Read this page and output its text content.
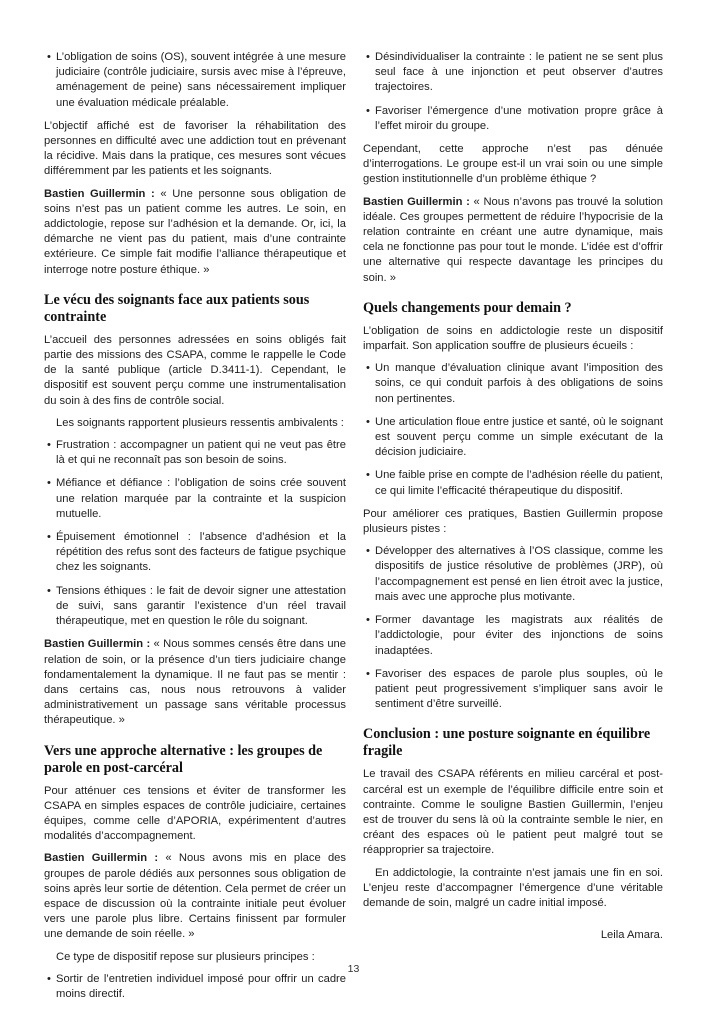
• L’obligation de soins (OS), souvent intégrée à une mesure judiciaire (contrôle judiciaire, sursis avec mise à l’épreuve, aménagement de peine) sans nécessairement impliquer une évaluation médicale préalable.

L’objectif affiché est de favoriser la réhabilitation des personnes en difficulté avec une addiction tout en prévenant la récidive. Mais dans la pratique, ces mesures sont vécues différemment par les patients et les soignants.

Bastien Guillermin : « Une personne sous obligation de soins n’est pas un patient comme les autres. Le soin, en addictologie, repose sur l’adhésion et la demande. Or, ici, la démarche ne vient pas du patient, mais d’une contrainte extérieure. Ce simple fait modifie l’alliance thérapeutique et interroge notre posture éthique. »

Le vécu des soignants face aux patients sous contrainte

L’accueil des personnes adressées en soins obligés fait partie des missions des CSAPA, comme le rappelle le Code de la santé publique (article D.3411-1). Cependant, le dispositif est souvent perçu comme une instrumentalisation du soin à des fins de contrôle social.

Les soignants rapportent plusieurs ressentis ambivalents :

• Frustration : accompagner un patient qui ne veut pas être là et qui ne reconnaît pas son besoin de soins.
• Méfiance et défiance : l’obligation de soins crée souvent une relation marquée par la contrainte et la suspicion mutuelle.
• Épuisement émotionnel : l’absence d’adhésion et la répétition des refus sont des facteurs de fatigue psychique chez les soignants.
• Tensions éthiques : le fait de devoir signer une attestation de suivi, sans garantir l’existence d’un réel travail thérapeutique, met en question le rôle du soignant.

Bastien Guillermin : « Nous sommes censés être dans une relation de soin, or la présence d’un tiers judiciaire change fondamentalement la dynamique. Il ne faut pas se mentir : dans certains cas, nous nous retrouvons à valider administrativement un passage sans véritable processus thérapeutique. »

Vers une approche alternative : les groupes de parole en post-carcéral

Pour atténuer ces tensions et éviter de transformer les CSAPA en simples espaces de contrôle judiciaire, certaines équipes, comme celle d’APORIA, expérimentent d’autres modalités d’accompagnement.

Bastien Guillermin : « Nous avons mis en place des groupes de parole dédiés aux personnes sous obligation de soins après leur sortie de détention. Cela permet de créer un espace de discussion où la contrainte initiale peut évoluer vers une parole plus libre. Certains finissent par formuler une demande de soin réelle. »

Ce type de dispositif repose sur plusieurs principes :

• Sortir de l’entretien individuel imposé pour offrir un cadre moins directif.
• Désindividualiser la contrainte : le patient ne se sent plus seul face à une injonction et peut observer d’autres trajectoires.
• Favoriser l’émergence d’une motivation propre grâce à l’effet miroir du groupe.

Cependant, cette approche n’est pas dénuée d’interrogations. Le groupe est-il un vrai soin ou une simple gestion institutionnelle d’un problème éthique ?

Bastien Guillermin : « Nous n’avons pas trouvé la solution idéale. Ces groupes permettent de réduire l’hypocrisie de la relation contrainte en créant une autre dynamique, mais cela ne fonctionne pas pour tout le monde. L’idée est d’offrir une alternative qui respecte davantage les principes du soin. »

Quels changements pour demain ?

L’obligation de soins en addictologie reste un dispositif imparfait. Son application souffre de plusieurs écueils :

• Un manque d’évaluation clinique avant l’imposition des soins, ce qui conduit parfois à des obligations de soins non pertinentes.
• Une articulation floue entre justice et santé, où le soignant est souvent perçu comme un simple exécutant de la décision judiciaire.
• Une faible prise en compte de l’adhésion réelle du patient, ce qui limite l’efficacité thérapeutique du dispositif.

Pour améliorer ces pratiques, Bastien Guillermin propose plusieurs pistes :

• Développer des alternatives à l’OS classique, comme les dispositifs de justice résolutive de problèmes (JRP), où l’accompagnement est pensé en lien étroit avec la justice, mais avec une approche plus motivante.
• Former davantage les magistrats aux réalités de l’addictologie, pour éviter des injonctions de soins inadaptées.
• Favoriser des espaces de parole plus souples, où le patient peut progressivement s’impliquer sans avoir le sentiment d’être surveillé.
Conclusion : une posture soignante en équilibre fragile

Le travail des CSAPA référents en milieu carcéral et post-carcéral est un exemple de l’équilibre difficile entre soin et contrainte. Comme le souligne Bastien Guillermin, l’enjeu est de trouver du sens là où la contrainte semble le nier, en créant des espaces où le patient peut malgré tout se réapproprier sa trajectoire.

En addictologie, la contrainte n’est jamais une fin en soi. L’enjeu reste d’accompagner l’émergence d’une véritable demande de soin, malgré un cadre initial imposé.

Leila Amara.
13
